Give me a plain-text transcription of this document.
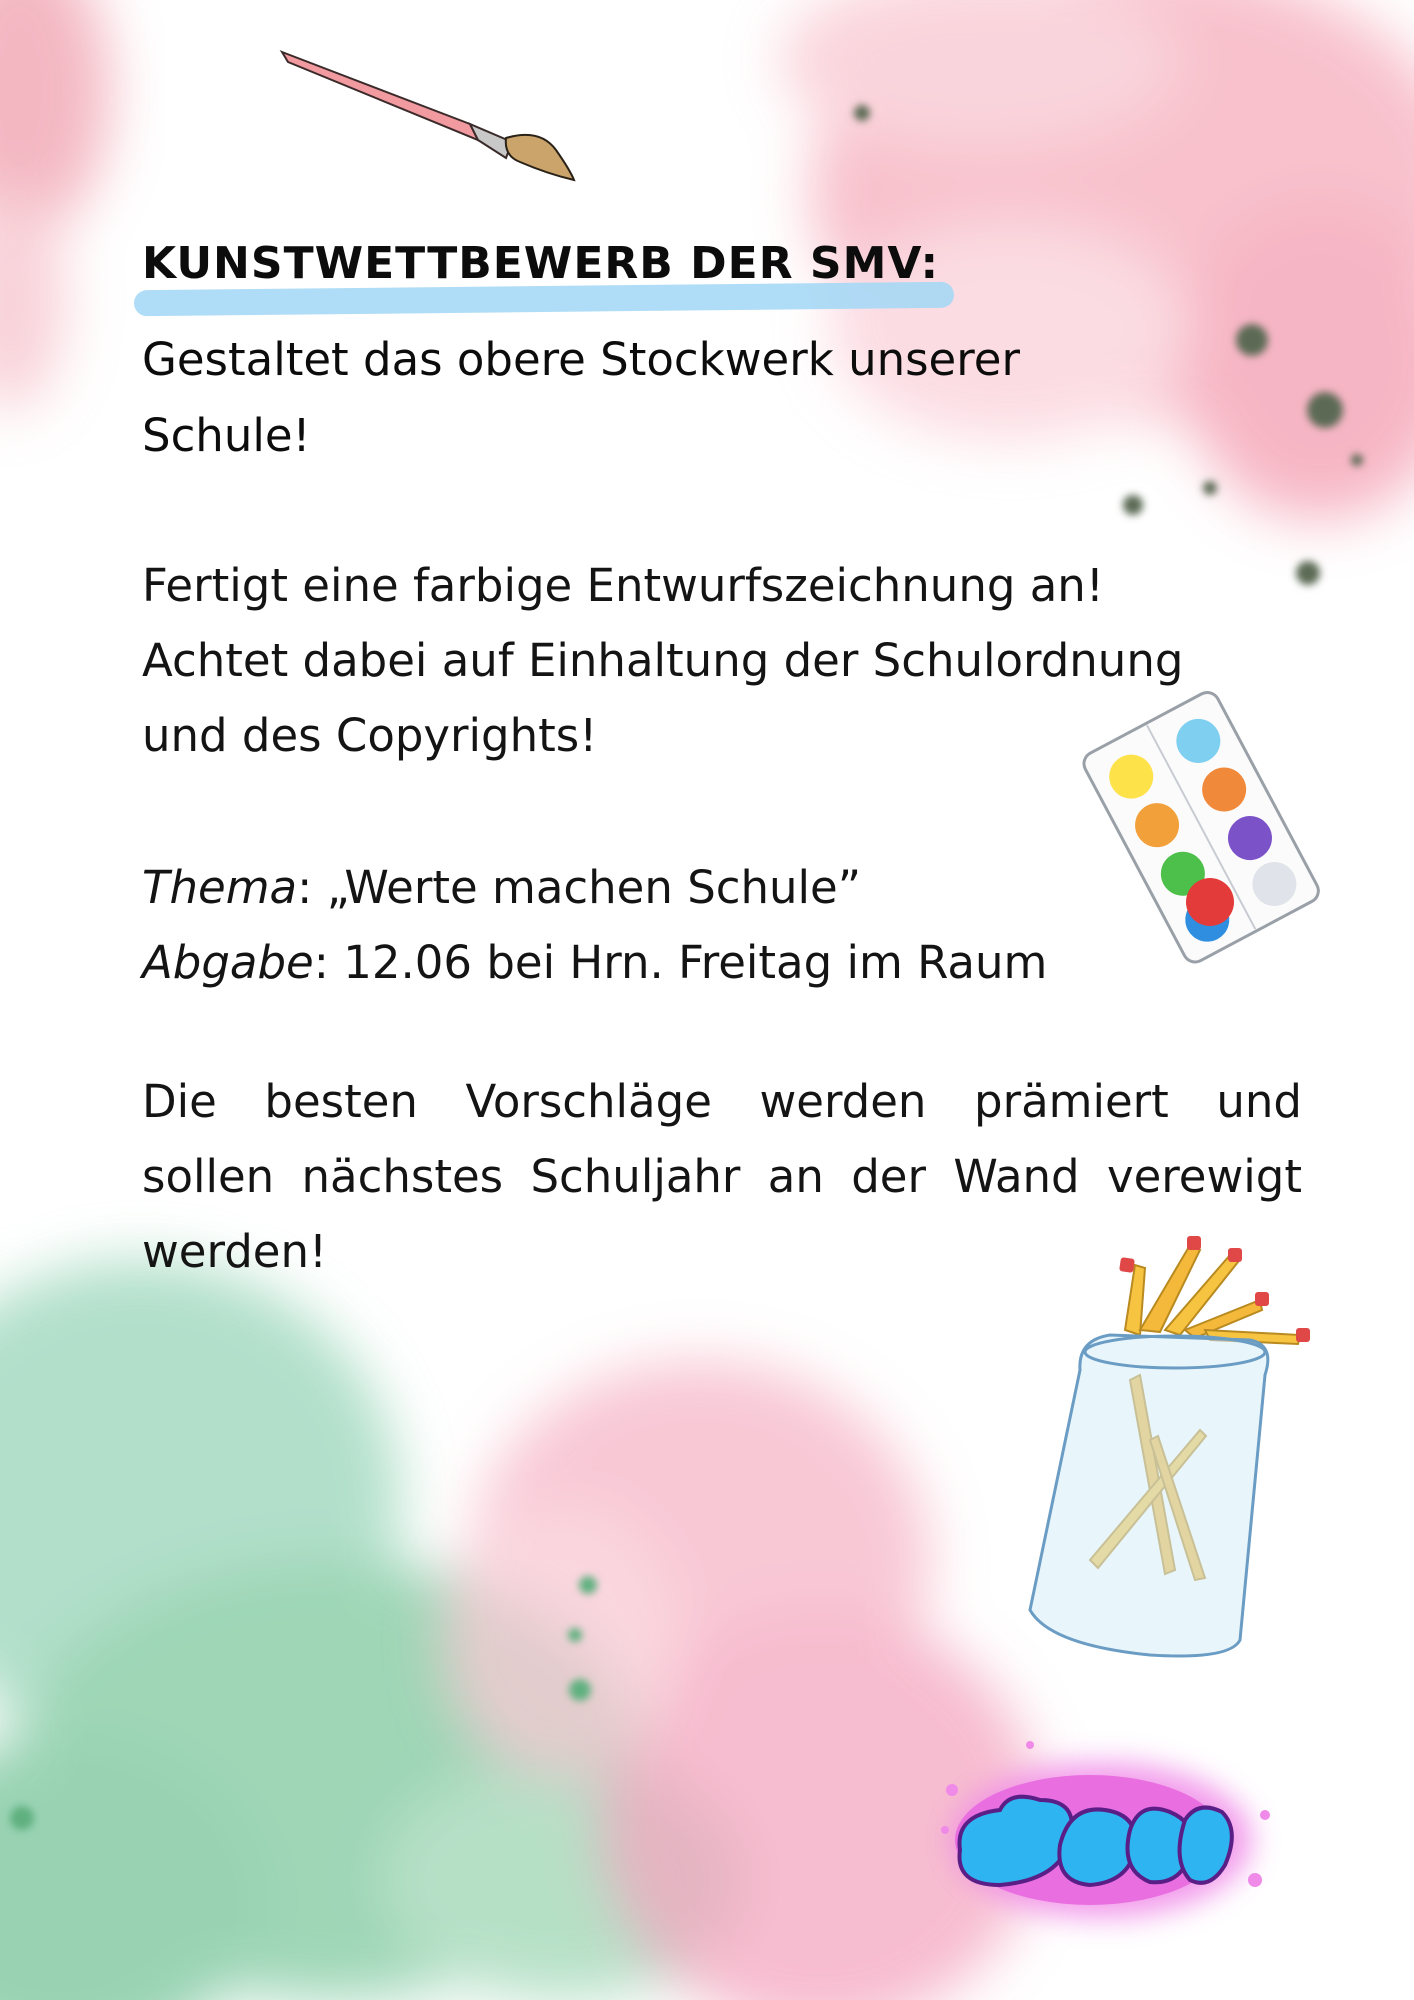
KUNSTWETTBEWERB DER SMV:
Gestaltet das obere Stockwerk unserer
Schule!
Fertigt eine farbige Entwurfszeichnung an!
Achtet dabei auf Einhaltung der Schulordnung
und des Copyrights!
Thema: „Werte machen Schule”
Abgabe: 12.06 bei Hrn. Freitag im Raum
Die besten Vorschläge werden prämiert und
sollen nächstes Schuljahr an der Wand verewigt
werden!
